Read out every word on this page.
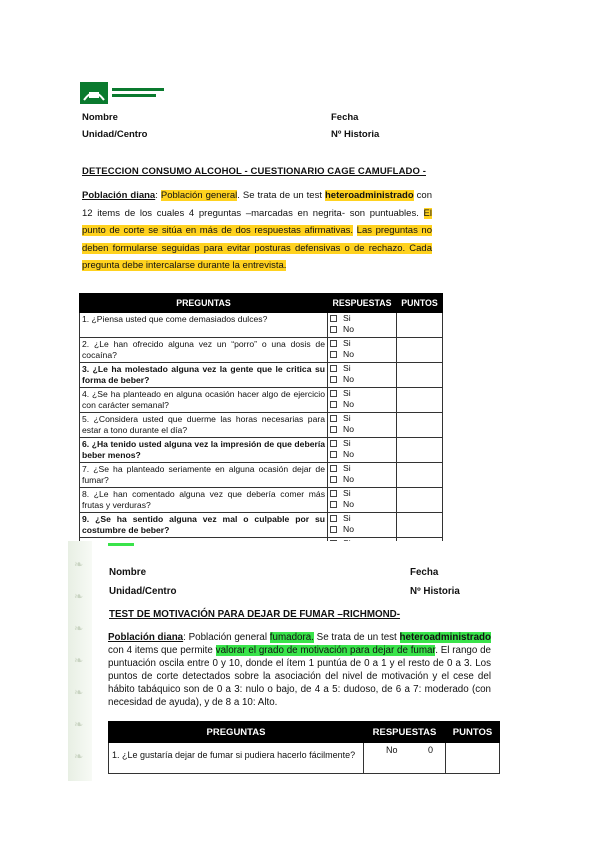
Nombre	Fecha
Unidad/Centro	Nº Historia
DETECCION CONSUMO ALCOHOL - CUESTIONARIO CAGE CAMUFLADO -
Población diana: Población general. Se trata de un test heteroadministrado con 12 items de los cuales 4 preguntas –marcadas en negrita- son puntuables. El punto de corte se sitúa en más de dos respuestas afirmativas. Las preguntas no deben formularse seguidas para evitar posturas defensivas o de rechazo. Cada pregunta debe intercalarse durante la entrevista.
PREGUNTAS	RESPUESTAS	PUNTOS

1. ¿Piensa usted que come demasiados dulces?	Si
No	

2. ¿Le han ofrecido alguna vez un “porro” o una dosis de cocaína?	Si
No	

3. ¿Le ha molestado alguna vez la gente que le critica su forma de beber?	Si
No	

4. ¿Se ha planteado en alguna ocasión hacer algo de ejercicio con carácter semanal?	Si
No	

5. ¿Considera usted que duerme las horas necesarias para estar a tono durante el día?	Si
No	

6. ¿Ha tenido usted alguna vez la impresión de que debería beber menos?	Si
No	

7. ¿Se ha planteado seriamente en alguna ocasión dejar de fumar?	Si
No	

8. ¿Le han comentado alguna vez que debería comer más frutas y verduras?	Si
No	

9. ¿Se ha sentido alguna vez mal o culpable por su costumbre de beber?	Si
No	

❧
❧
❧
❧
❧
❧
❧
Nombre	Fecha
Unidad/Centro	Nº Historia
TEST DE MOTIVACIÓN PARA DEJAR DE FUMAR –RICHMOND-
Población diana: Población general fumadora. Se trata de un test heteroadministrado con 4 items que permite valorar el grado de motivación para dejar de fumar. El rango de puntuación oscila entre 0 y 10, donde el ítem 1 puntúa de 0 a 1 y el resto de 0 a 3. Los puntos de corte detectados sobre la asociación del nivel de motivación y el cese del hábito tabáquico son de 0 a 3: nulo o bajo, de 4 a 5: dudoso, de 6 a 7: moderado (con necesidad de ayuda), y de 8 a 10: Alto.
PREGUNTAS	RESPUESTAS	PUNTOS

1. ¿Le gustaría dejar de fumar si pudiera hacerlo fácilmente?	No 0	
